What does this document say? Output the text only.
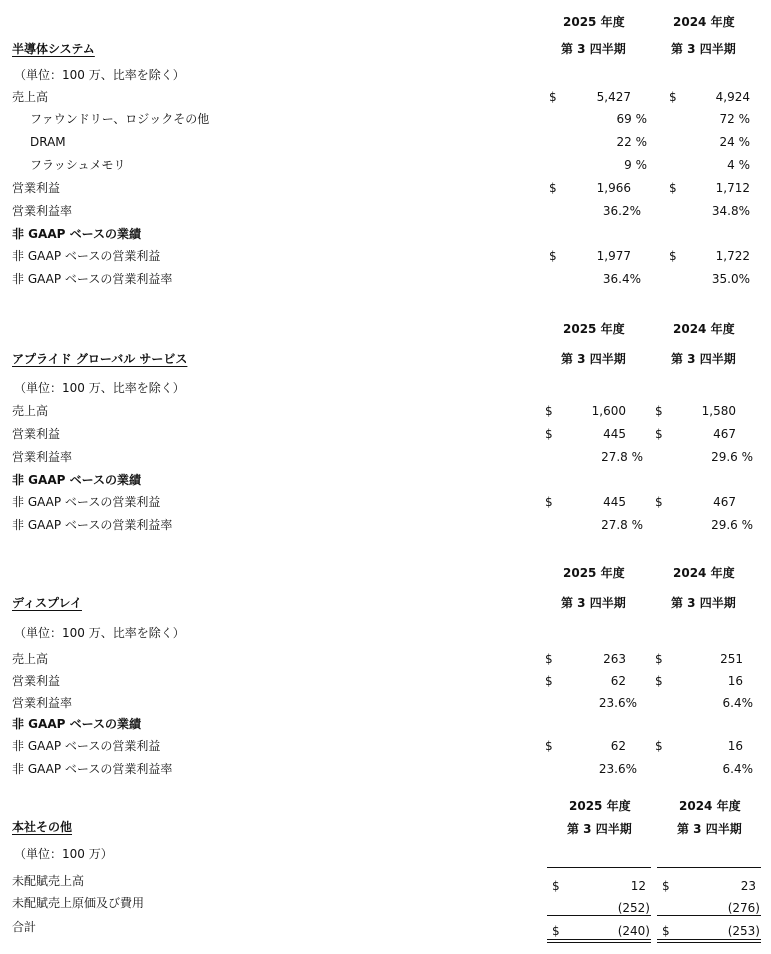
2025 年度	2024 年度
半導体システム	第 3 四半期	第 3 四半期
（単位：100 万、比率を除く）
売上高	$	5,427	$	4,924
ファウンドリー、ロジックその他	69 %	72 %
DRAM	22 %	24 %
フラッシュメモリ	9 %	4 %
営業利益	$	1,966	$	1,712
営業利益率	36.2%	34.8%
非 GAAP ベースの業績
非 GAAP ベースの営業利益	$	1,977	$	1,722
非 GAAP ベースの営業利益率	36.4%	35.0%
2025 年度	2024 年度
アプライド グローバル サービス	第 3 四半期	第 3 四半期
（単位：100 万、比率を除く）
売上高	$	1,600 $	1,580
営業利益	$	445 $	467
営業利益率	27.8 %	29.6 %
非 GAAP ベースの業績
非 GAAP ベースの営業利益	$	445 $	467
非 GAAP ベースの営業利益率	27.8 %	29.6 %
2025 年度	2024 年度
ディスプレイ	第 3 四半期	第 3 四半期
（単位：100 万、比率を除く）
売上高	$	263 $	251
営業利益	$	62 $	16
営業利益率	23.6%	6.4%
非 GAAP ベースの業績
非 GAAP ベースの営業利益	$	62 $	16
非 GAAP ベースの営業利益率	23.6%	6.4%
2025 年度	2024 年度
本社その他	第 3 四半期	第 3 四半期
（単位：100 万）
未配賦売上高	$	12 $	23
未配賦売上原価及び費用	(252)	(276)
合計	$	(240) $	(253)
